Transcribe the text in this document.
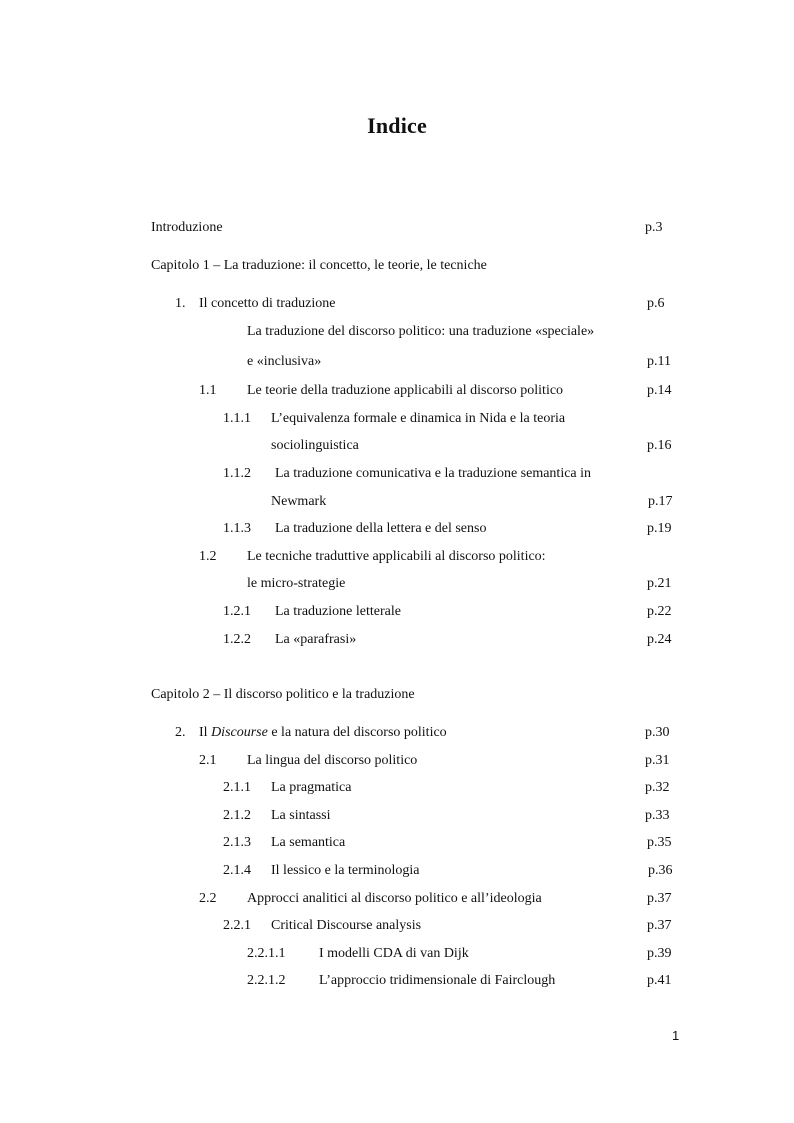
Indice
Introduzione	p.3
Capitolo 1 – La traduzione: il concetto, le teorie, le tecniche
1. Il concetto di traduzione	p.6
La traduzione del discorso politico: una traduzione «speciale»
e «inclusiva»	p.11
1.1 Le teorie della traduzione applicabili al discorso politico	p.14
1.1.1 L’equivalenza formale e dinamica in Nida e la teoria
sociolinguistica	p.16
1.1.2 La traduzione comunicativa e la traduzione semantica in
Newmark	p.17
1.1.3 La traduzione della lettera e del senso	p.19
1.2 Le tecniche traduttive applicabili al discorso politico:
le micro-strategie	p.21
1.2.1 La traduzione letterale	p.22
1.2.2 La «parafrasi»	p.24
Capitolo 2 – Il discorso politico e la traduzione
2. Il Discourse e la natura del discorso politico	p.30
2.1 La lingua del discorso politico	p.31
2.1.1 La pragmatica	p.32
2.1.2 La sintassi	p.33
2.1.3 La semantica	p.35
2.1.4 Il lessico e la terminologia	p.36
2.2 Approcci analitici al discorso politico e all’ideologia	p.37
2.2.1 Critical Discourse analysis	p.37
2.2.1.1 I modelli CDA di van Dijk	p.39
2.2.1.2 L’approccio tridimensionale di Fairclough	p.41
1
